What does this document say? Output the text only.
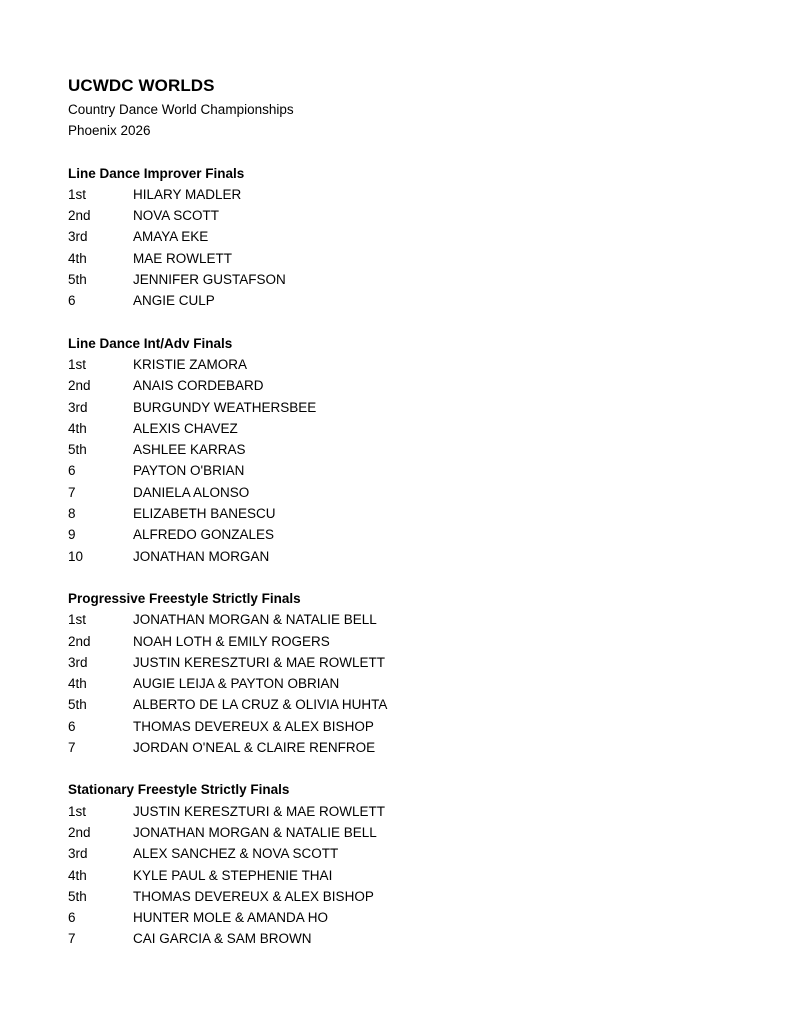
UCWDC WORLDS
Country Dance World Championships
Phoenix 2026
Line Dance Improver Finals
1st	HILARY MADLER
2nd	NOVA SCOTT
3rd	AMAYA EKE
4th	MAE ROWLETT
5th	JENNIFER GUSTAFSON
6	ANGIE CULP
Line Dance Int/Adv Finals
1st	KRISTIE ZAMORA
2nd	ANAIS CORDEBARD
3rd	BURGUNDY WEATHERSBEE
4th	ALEXIS CHAVEZ
5th	ASHLEE KARRAS
6	PAYTON O'BRIAN
7	DANIELA ALONSO
8	ELIZABETH BANESCU
9	ALFREDO GONZALES
10	JONATHAN MORGAN
Progressive Freestyle Strictly Finals
1st	JONATHAN MORGAN & NATALIE BELL
2nd	NOAH LOTH & EMILY ROGERS
3rd	JUSTIN KERESZTURI & MAE ROWLETT
4th	AUGIE LEIJA & PAYTON OBRIAN
5th	ALBERTO DE LA CRUZ & OLIVIA HUHTA
6	THOMAS DEVEREUX & ALEX BISHOP
7	JORDAN O'NEAL & CLAIRE RENFROE
Stationary Freestyle Strictly Finals
1st	JUSTIN KERESZTURI & MAE ROWLETT
2nd	JONATHAN MORGAN & NATALIE BELL
3rd	ALEX SANCHEZ & NOVA SCOTT
4th	KYLE PAUL & STEPHENIE THAI
5th	THOMAS DEVEREUX & ALEX BISHOP
6	HUNTER MOLE & AMANDA HO
7	CAI GARCIA & SAM BROWN
